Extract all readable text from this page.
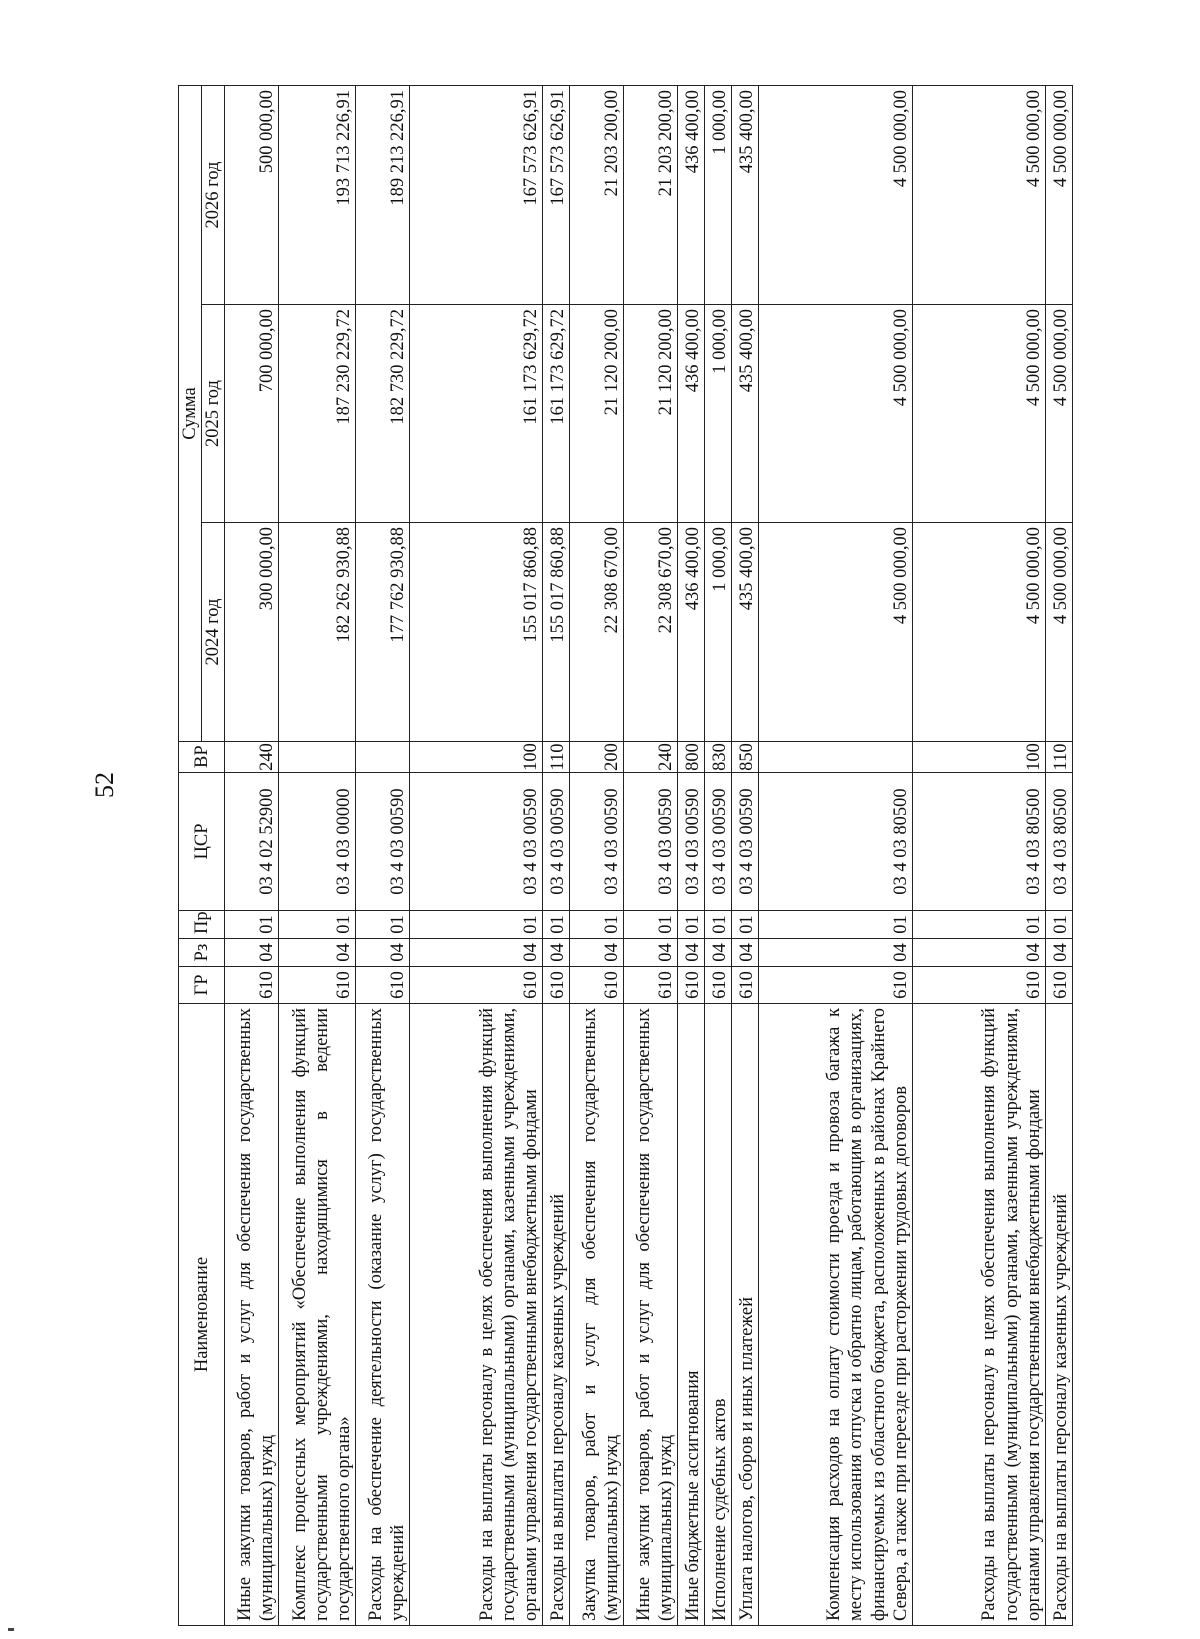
52
Наименование	ГР	Рз	Пр	ЦСР	ВР	Сумма		
						2024 год	2025 год	2026 год
Иные закупки товаров, работ и услуг для обеспечения государственных (муниципальных) нужд	610	04	01	03 4 02 52900	240	300 000,00	700 000,00	500 000,00
Комплекс процессных мероприятий «Обеспечение выполнения функций государственными учреждениями, находящимися в ведении государственного органа»	610	04	01	03 4 03 00000		182 262 930,88	187 230 229,72	193 713 226,91
Расходы на обеспечение деятельности (оказание услуг) государственных учреждений	610	04	01	03 4 03 00590		177 762 930,88	182 730 229,72	189 213 226,91
Расходы на выплаты персоналу в целях обеспечения выполнения функций государственными (муниципальными) органами, казенными учреждениями, органами управления государственными внебюджетными фондами	610	04	01	03 4 03 00590	100	155 017 860,88	161 173 629,72	167 573 626,91
Расходы на выплаты персоналу казенных учреждений	610	04	01	03 4 03 00590	110	155 017 860,88	161 173 629,72	167 573 626,91
Закупка товаров, работ и услуг для обеспечения государственных (муниципальных) нужд	610	04	01	03 4 03 00590	200	22 308 670,00	21 120 200,00	21 203 200,00
Иные закупки товаров, работ и услуг для обеспечения государственных (муниципальных) нужд	610	04	01	03 4 03 00590	240	22 308 670,00	21 120 200,00	21 203 200,00
Иные бюджетные ассигнования	610	04	01	03 4 03 00590	800	436 400,00	436 400,00	436 400,00
Исполнение судебных актов	610	04	01	03 4 03 00590	830	1 000,00	1 000,00	1 000,00
Уплата налогов, сборов и иных платежей	610	04	01	03 4 03 00590	850	435 400,00	435 400,00	435 400,00
Компенсация расходов на оплату стоимости проезда и провоза багажа к месту использования отпуска и обратно лицам, работающим в организациях, финансируемых из областного бюджета, расположенных в районах Крайнего Севера, а также при переезде при расторжении трудовых договоров	610	04	01	03 4 03 80500		4 500 000,00	4 500 000,00	4 500 000,00
Расходы на выплаты персоналу в целях обеспечения выполнения функций государственными (муниципальными) органами, казенными учреждениями, органами управления государственными внебюджетными фондами	610	04	01	03 4 03 80500	100	4 500 000,00	4 500 000,00	4 500 000,00
Расходы на выплаты персоналу казенных учреждений	610	04	01	03 4 03 80500	110	4 500 000,00	4 500 000,00	4 500 000,00
